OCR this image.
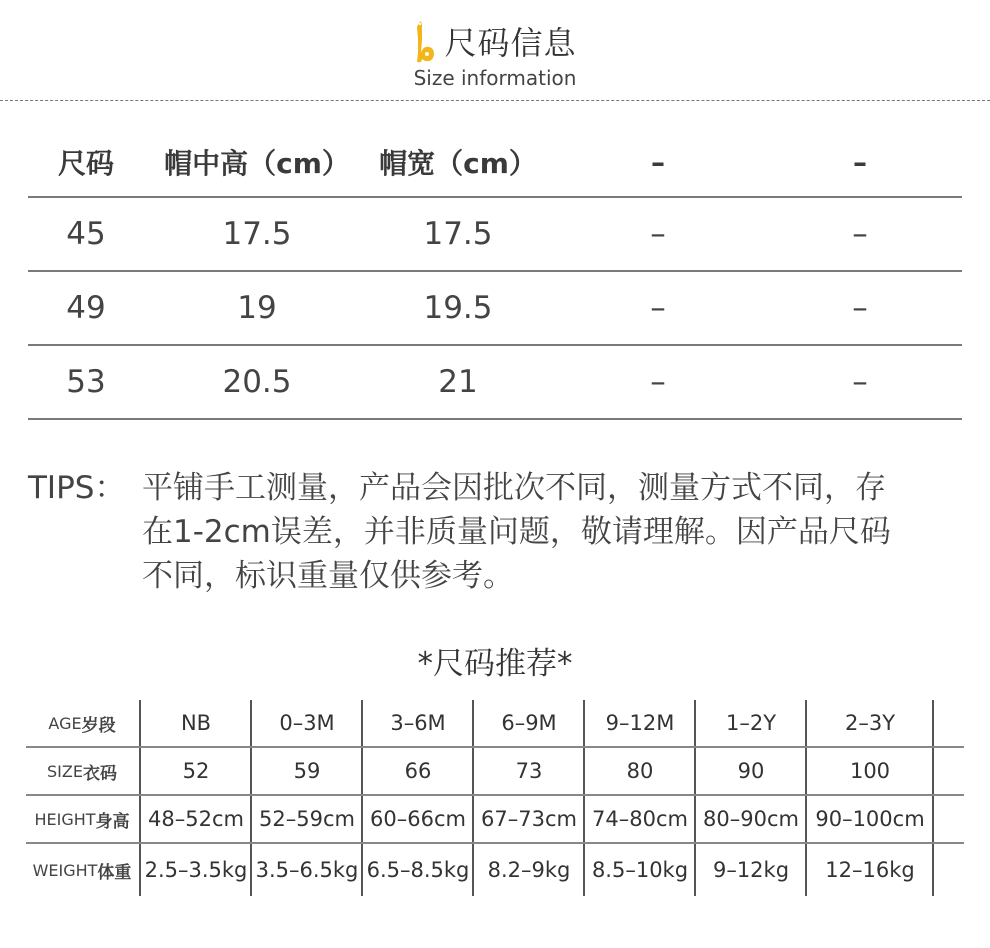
尺码信息
Size information
尺码	帽中高（cm）	帽宽（cm）	–	–
45	17.5	17.5	–	–
49	19	19.5	–	–
53	20.5	21	–	–
TIPS： 平铺手工测量，产品会因批次不同，测量方式不同，存
在1-2cm误差，并非质量问题，敬请理解。因产品尺码
不同，标识重量仅供参考。
*尺码推荐*
AGE 岁段	NB	0–3M	3–6M	6–9M	9–12M	1–2Y	2–3Y
SIZE 衣码	52	59	66	73	80	90	100
HEIGHT 身高 48–52cm 52–59cm 60–66cm 67–73cm 74–80cm 80–90cm 90–100cm
WEIGHT 体重 2.5–3.5kg 3.5–6.5kg 6.5–8.5kg 8.2–9kg	8.5–10kg	9–12kg	12–16kg
